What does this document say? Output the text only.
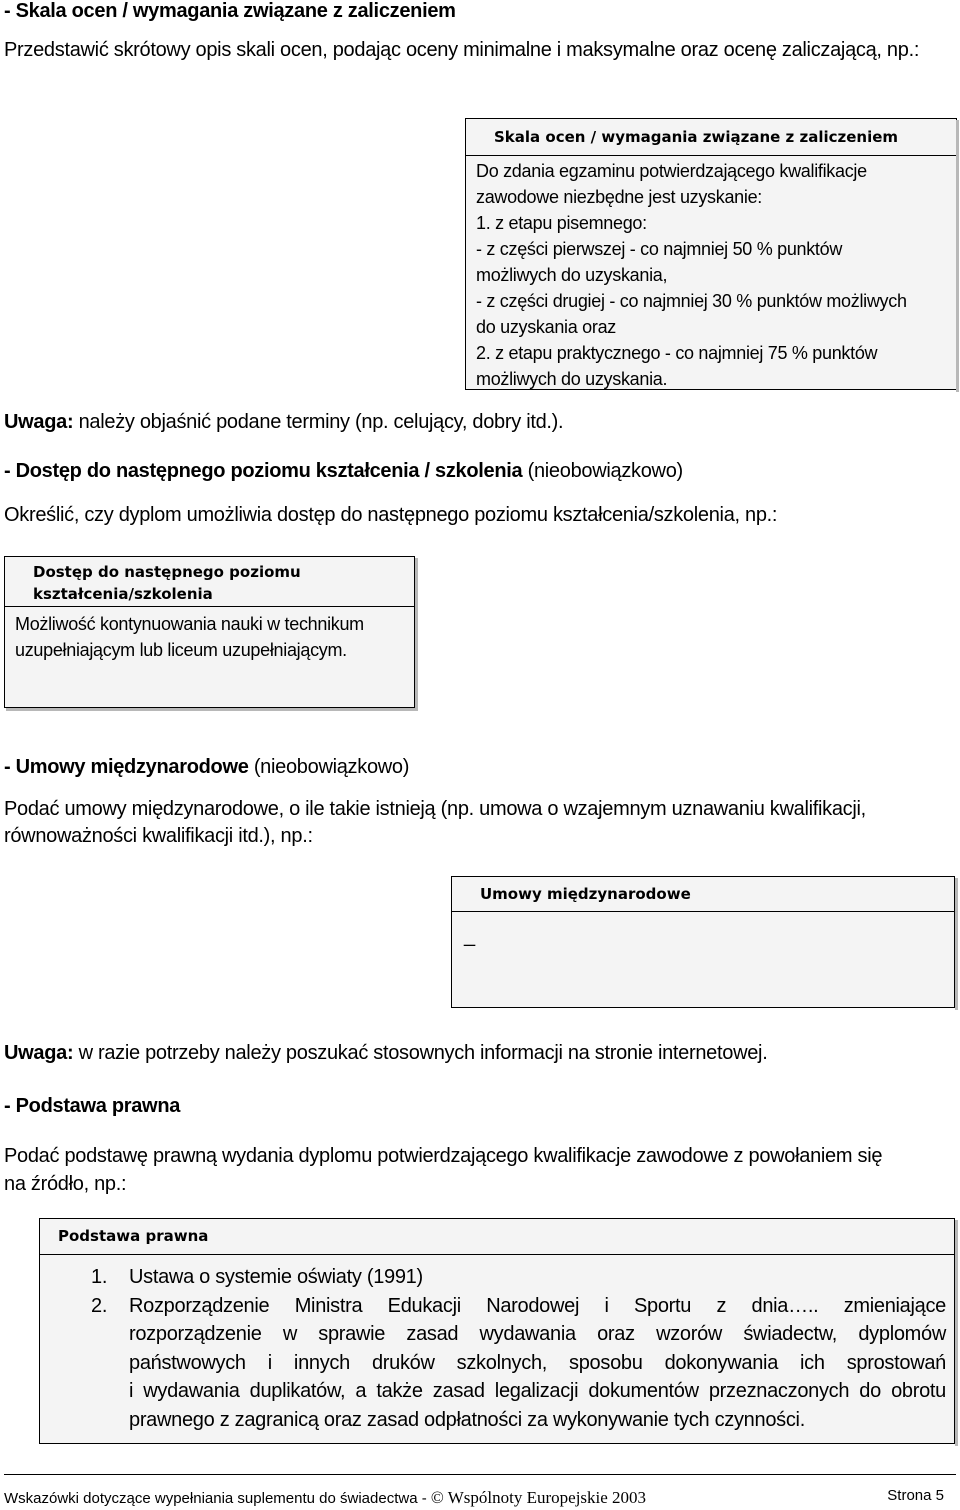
- Skala ocen / wymagania związane z zaliczeniem
Przedstawić skrótowy opis skali ocen, podając oceny minimalne i maksymalne oraz ocenę zaliczającą, np.:
Skala ocen / wymagania związane z zaliczeniem
Do zdania egzaminu potwierdzającego kwalifikacje
zawodowe niezbędne jest uzyskanie:
1. z etapu pisemnego:
- z części pierwszej - co najmniej 50 % punktów
możliwych do uzyskania,
- z części drugiej - co najmniej 30 % punktów możliwych
do uzyskania oraz
2. z etapu praktycznego - co najmniej 75 % punktów
możliwych do uzyskania.
Uwaga: należy objaśnić podane terminy (np. celujący, dobry itd.).
- Dostęp do następnego poziomu kształcenia / szkolenia (nieobowiązkowo)
Określić, czy dyplom umożliwia dostęp do następnego poziomu kształcenia/szkolenia, np.:
Dostęp do następnego poziomu
kształcenia/szkolenia
Możliwość kontynuowania nauki w technikum
uzupełniającym lub liceum uzupełniającym.
- Umowy międzynarodowe (nieobowiązkowo)
Podać umowy międzynarodowe, o ile takie istnieją (np. umowa o wzajemnym uznawaniu kwalifikacji,
równoważności kwalifikacji itd.), np.:
Umowy międzynarodowe
_
Uwaga: w razie potrzeby należy poszukać stosownych informacji na stronie internetowej.
- Podstawa prawna
Podać podstawę prawną wydania dyplomu potwierdzającego kwalifikacje zawodowe z powołaniem się
na źródło, np.:
Podstawa prawna
1. Ustawa o systemie oświaty (1991)
2. Rozporządzenie Ministra Edukacji Narodowej i Sportu z dnia….. zmieniające
rozporządzenie w sprawie zasad wydawania oraz wzorów świadectw, dyplomów
państwowych i innych druków szkolnych, sposobu dokonywania ich sprostowań
i wydawania duplikatów, a także zasad legalizacji dokumentów przeznaczonych do obrotu
prawnego z zagranicą oraz zasad odpłatności za wykonywanie tych czynności.
Wskazówki dotyczące wypełniania suplementu do świadectwa - © Wspólnoty Europejskie 2003	Strona 5
